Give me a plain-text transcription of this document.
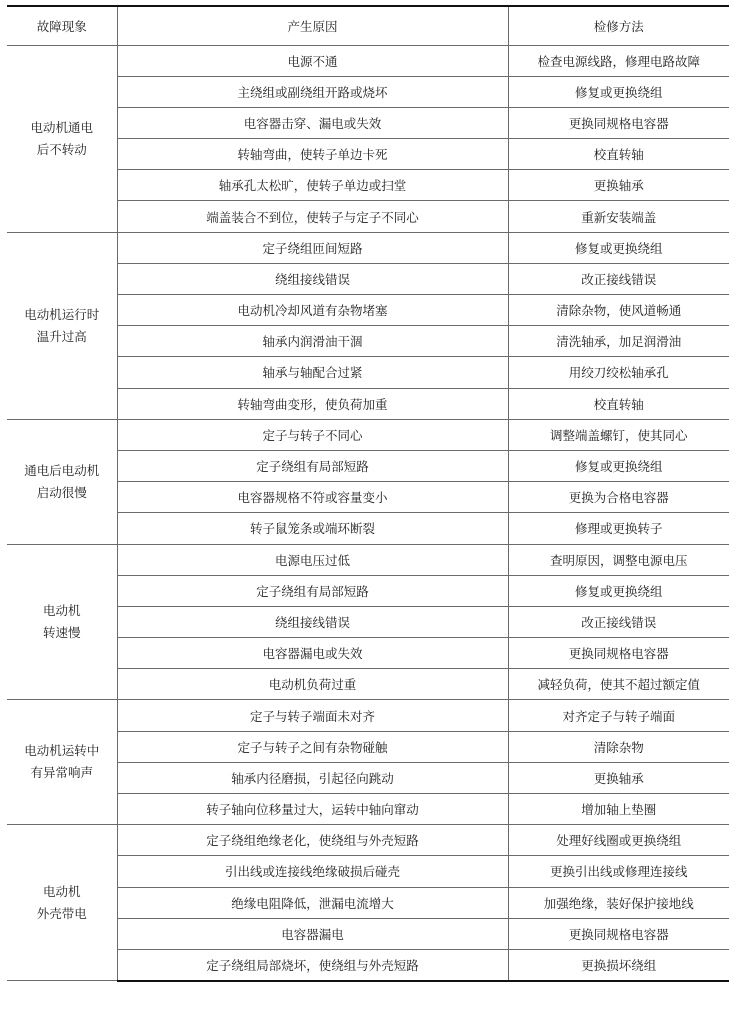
故障现象	产生原因	检修方法

电动机通电
后不转动	电源不通	检查电源线路，修理电路故障
	主绕组或副绕组开路或烧坏	修复或更换绕组
	电容器击穿、漏电或失效	更换同规格电容器
	转轴弯曲，使转子单边卡死	校直转轴
	轴承孔太松旷，使转子单边或扫堂	更换轴承
	端盖装合不到位，使转子与定子不同心	重新安装端盖

电动机运行时
温升过高	定子绕组匝间短路	修复或更换绕组
	绕组接线错误	改正接线错误
	电动机冷却风道有杂物堵塞	清除杂物，使风道畅通
	轴承内润滑油干涸	清洗轴承，加足润滑油
	轴承与轴配合过紧	用绞刀绞松轴承孔
	转轴弯曲变形，使负荷加重	校直转轴

通电后电动机
启动很慢	定子与转子不同心	调整端盖螺钉，使其同心
	定子绕组有局部短路	修复或更换绕组
	电容器规格不符或容量变小	更换为合格电容器
	转子鼠笼条或端环断裂	修理或更换转子

电动机
转速慢	电源电压过低	查明原因，调整电源电压
	定子绕组有局部短路	修复或更换绕组
	绕组接线错误	改正接线错误
	电容器漏电或失效	更换同规格电容器
	电动机负荷过重	减轻负荷，使其不超过额定值

电动机运转中
有异常响声	定子与转子端面未对齐	对齐定子与转子端面
	定子与转子之间有杂物碰触	清除杂物
	轴承内径磨损，引起径向跳动	更换轴承
	转子轴向位移量过大，运转中轴向窜动	增加轴上垫圈

电动机
外壳带电	定子绕组绝缘老化，使绕组与外壳短路	处理好线圈或更换绕组
	引出线或连接线绝缘破损后碰壳	更换引出线或修理连接线
	绝缘电阻降低，泄漏电流增大	加强绝缘，装好保护接地线
	电容器漏电	更换同规格电容器
	定子绕组局部烧坏，使绕组与外壳短路	更换损坏绕组
